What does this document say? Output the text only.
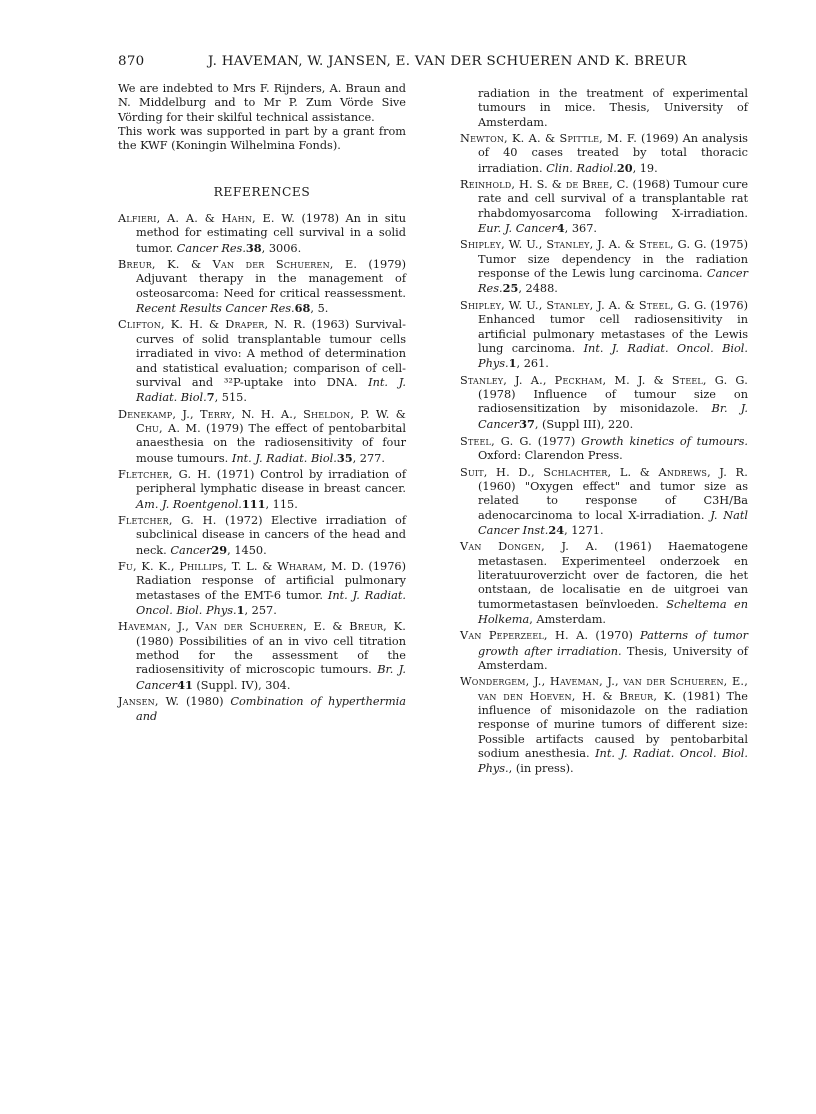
870	J. HAVEMAN, W. JANSEN, E. VAN DER SCHUEREN AND K. BREUR

We are indebted to Mrs F. Rijnders, A. Braun and N. Middelburg and to Mr P. Zum Vörde Sive Vörding for their skilful technical assistance.

This work was supported in part by a grant from the KWF (Koningin Wilhelmina Fonds).

REFERENCES

Alfieri, A. A. & Hahn, E. W. (1978) An in situ method for estimating cell survival in a solid tumor. Cancer Res.38, 3006.

Breur, K. & Van der Schueren, E. (1979) Adjuvant therapy in the management of osteosarcoma: Need for critical reassessment. Recent Results Cancer Res.68, 5.

Clifton, K. H. & Draper, N. R. (1963) Survival-curves of solid transplantable tumour cells irradiated in vivo: A method of determination and statistical evaluation; comparison of cell-survival and ³²P-uptake into DNA. Int. J. Radiat. Biol.7, 515.

Denekamp, J., Terry, N. H. A., Sheldon, P. W. & Chu, A. M. (1979) The effect of pentobarbital anaesthesia on the radiosensitivity of four mouse tumours. Int. J. Radiat. Biol.35, 277.

Fletcher, G. H. (1971) Control by irradiation of peripheral lymphatic disease in breast cancer. Am. J. Roentgenol.111, 115.

Fletcher, G. H. (1972) Elective irradiation of subclinical disease in cancers of the head and neck. Cancer29, 1450.

Fu, K. K., Phillips, T. L. & Wharam, M. D. (1976) Radiation response of artificial pulmonary metastases of the EMT-6 tumor. Int. J. Radiat. Oncol. Biol. Phys.1, 257.

Haveman, J., Van der Schueren, E. & Breur, K. (1980) Possibilities of an in vivo cell titration method for the assessment of the radiosensitivity of microscopic tumours. Br. J. Cancer41 (Suppl. IV), 304.

Jansen, W. (1980) Combination of hyperthermia and

radiation in the treatment of experimental tumours in mice. Thesis, University of Amsterdam.

Newton, K. A. & Spittle, M. F. (1969) An analysis of 40 cases treated by total thoracic irradiation. Clin. Radiol.20, 19.

Reinhold, H. S. & de Bree, C. (1968) Tumour cure rate and cell survival of a transplantable rat rhabdomyosarcoma following X-irradiation. Eur. J. Cancer4, 367.

Shipley, W. U., Stanley, J. A. & Steel, G. G. (1975) Tumor size dependency in the radiation response of the Lewis lung carcinoma. Cancer Res.25, 2488.

Shipley, W. U., Stanley, J. A. & Steel, G. G. (1976) Enhanced tumor cell radiosensitivity in artificial pulmonary metastases of the Lewis lung carcinoma. Int. J. Radiat. Oncol. Biol. Phys.1, 261.

Stanley, J. A., Peckham, M. J. & Steel, G. G. (1978) Influence of tumour size on radiosensitization by misonidazole. Br. J. Cancer37, (Suppl III), 220.

Steel, G. G. (1977) Growth kinetics of tumours. Oxford: Clarendon Press.

Suit, H. D., Schlachter, L. & Andrews, J. R. (1960) "Oxygen effect" and tumor size as related to response of C3H/Ba adenocarcinoma to local X-irradiation. J. Natl Cancer Inst.24, 1271.

Van Dongen, J. A. (1961) Haematogene metastasen. Experimenteel onderzoek en literatuuroverzicht over de factoren, die het ontstaan, de localisatie en de uitgroei van tumormetastasen beïnvloeden. Scheltema en Holkema, Amsterdam.

Van Peperzeel, H. A. (1970) Patterns of tumor growth after irradiation. Thesis, University of Amsterdam.

Wondergem, J., Haveman, J., van der Schueren, E., van den Hoeven, H. & Breur, K. (1981) The influence of misonidazole on the radiation response of murine tumors of different size: Possible artifacts caused by pentobarbital sodium anesthesia. Int. J. Radiat. Oncol. Biol. Phys., (in press).
